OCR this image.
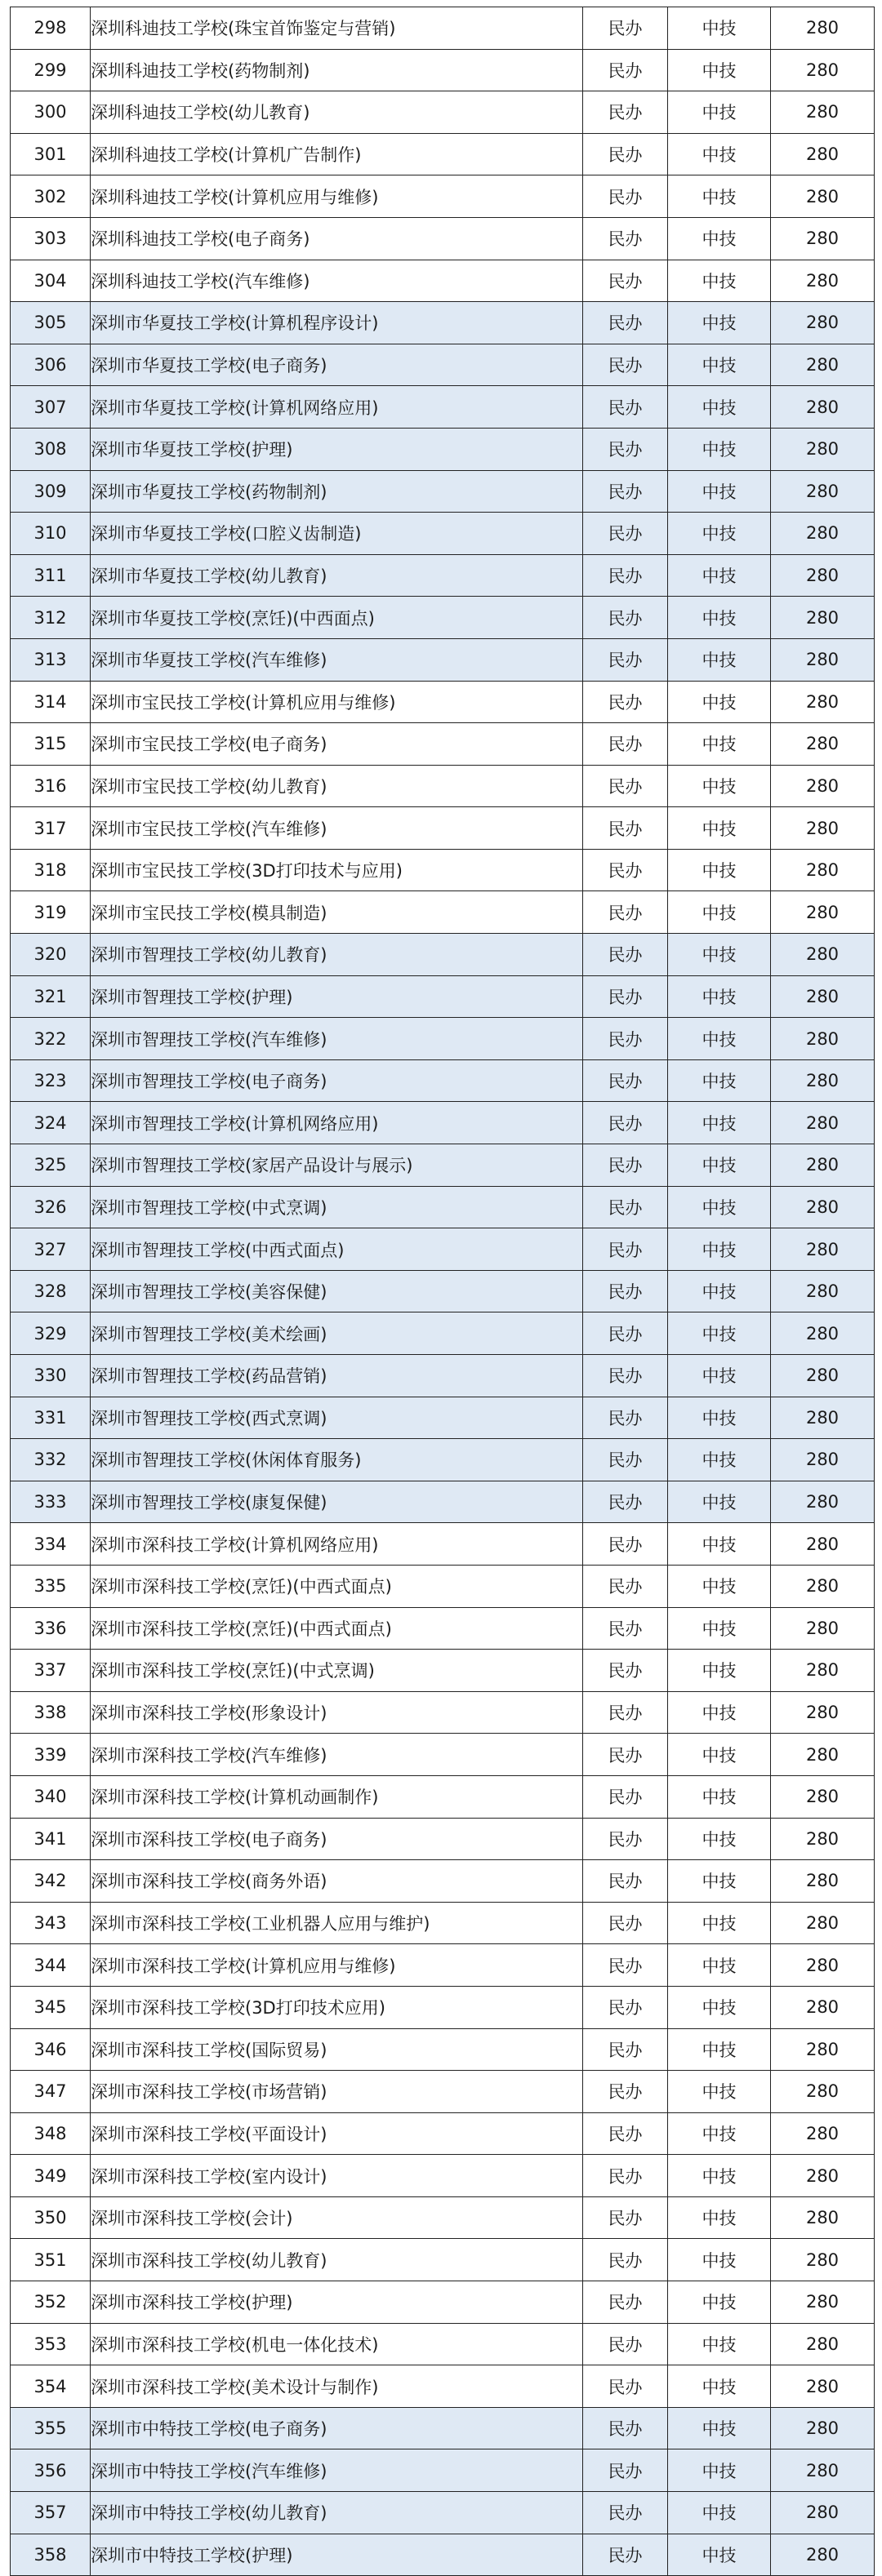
298	深圳科迪技工学校(珠宝首饰鉴定与营销)	民办	中技	280
299	深圳科迪技工学校(药物制剂)	民办	中技	280
300	深圳科迪技工学校(幼儿教育)	民办	中技	280
301	深圳科迪技工学校(计算机广告制作)	民办	中技	280
302	深圳科迪技工学校(计算机应用与维修)	民办	中技	280
303	深圳科迪技工学校(电子商务)	民办	中技	280
304	深圳科迪技工学校(汽车维修)	民办	中技	280
305	深圳市华夏技工学校(计算机程序设计)	民办	中技	280
306	深圳市华夏技工学校(电子商务)	民办	中技	280
307	深圳市华夏技工学校(计算机网络应用)	民办	中技	280
308	深圳市华夏技工学校(护理)	民办	中技	280
309	深圳市华夏技工学校(药物制剂)	民办	中技	280
310	深圳市华夏技工学校(口腔义齿制造)	民办	中技	280
311	深圳市华夏技工学校(幼儿教育)	民办	中技	280
312	深圳市华夏技工学校(烹饪)(中西面点)	民办	中技	280
313	深圳市华夏技工学校(汽车维修)	民办	中技	280
314	深圳市宝民技工学校(计算机应用与维修)	民办	中技	280
315	深圳市宝民技工学校(电子商务)	民办	中技	280
316	深圳市宝民技工学校(幼儿教育)	民办	中技	280
317	深圳市宝民技工学校(汽车维修)	民办	中技	280
318	深圳市宝民技工学校(3D打印技术与应用)	民办	中技	280
319	深圳市宝民技工学校(模具制造)	民办	中技	280
320	深圳市智理技工学校(幼儿教育)	民办	中技	280
321	深圳市智理技工学校(护理)	民办	中技	280
322	深圳市智理技工学校(汽车维修)	民办	中技	280
323	深圳市智理技工学校(电子商务)	民办	中技	280
324	深圳市智理技工学校(计算机网络应用)	民办	中技	280
325	深圳市智理技工学校(家居产品设计与展示)	民办	中技	280
326	深圳市智理技工学校(中式烹调)	民办	中技	280
327	深圳市智理技工学校(中西式面点)	民办	中技	280
328	深圳市智理技工学校(美容保健)	民办	中技	280
329	深圳市智理技工学校(美术绘画)	民办	中技	280
330	深圳市智理技工学校(药品营销)	民办	中技	280
331	深圳市智理技工学校(西式烹调)	民办	中技	280
332	深圳市智理技工学校(休闲体育服务)	民办	中技	280
333	深圳市智理技工学校(康复保健)	民办	中技	280
334	深圳市深科技工学校(计算机网络应用)	民办	中技	280
335	深圳市深科技工学校(烹饪)(中西式面点)	民办	中技	280
336	深圳市深科技工学校(烹饪)(中西式面点)	民办	中技	280
337	深圳市深科技工学校(烹饪)(中式烹调)	民办	中技	280
338	深圳市深科技工学校(形象设计)	民办	中技	280
339	深圳市深科技工学校(汽车维修)	民办	中技	280
340	深圳市深科技工学校(计算机动画制作)	民办	中技	280
341	深圳市深科技工学校(电子商务)	民办	中技	280
342	深圳市深科技工学校(商务外语)	民办	中技	280
343	深圳市深科技工学校(工业机器人应用与维护)	民办	中技	280
344	深圳市深科技工学校(计算机应用与维修)	民办	中技	280
345	深圳市深科技工学校(3D打印技术应用)	民办	中技	280
346	深圳市深科技工学校(国际贸易)	民办	中技	280
347	深圳市深科技工学校(市场营销)	民办	中技	280
348	深圳市深科技工学校(平面设计)	民办	中技	280
349	深圳市深科技工学校(室内设计)	民办	中技	280
350	深圳市深科技工学校(会计)	民办	中技	280
351	深圳市深科技工学校(幼儿教育)	民办	中技	280
352	深圳市深科技工学校(护理)	民办	中技	280
353	深圳市深科技工学校(机电一体化技术)	民办	中技	280
354	深圳市深科技工学校(美术设计与制作)	民办	中技	280
355	深圳市中特技工学校(电子商务)	民办	中技	280
356	深圳市中特技工学校(汽车维修)	民办	中技	280
357	深圳市中特技工学校(幼儿教育)	民办	中技	280
358	深圳市中特技工学校(护理)	民办	中技	280
